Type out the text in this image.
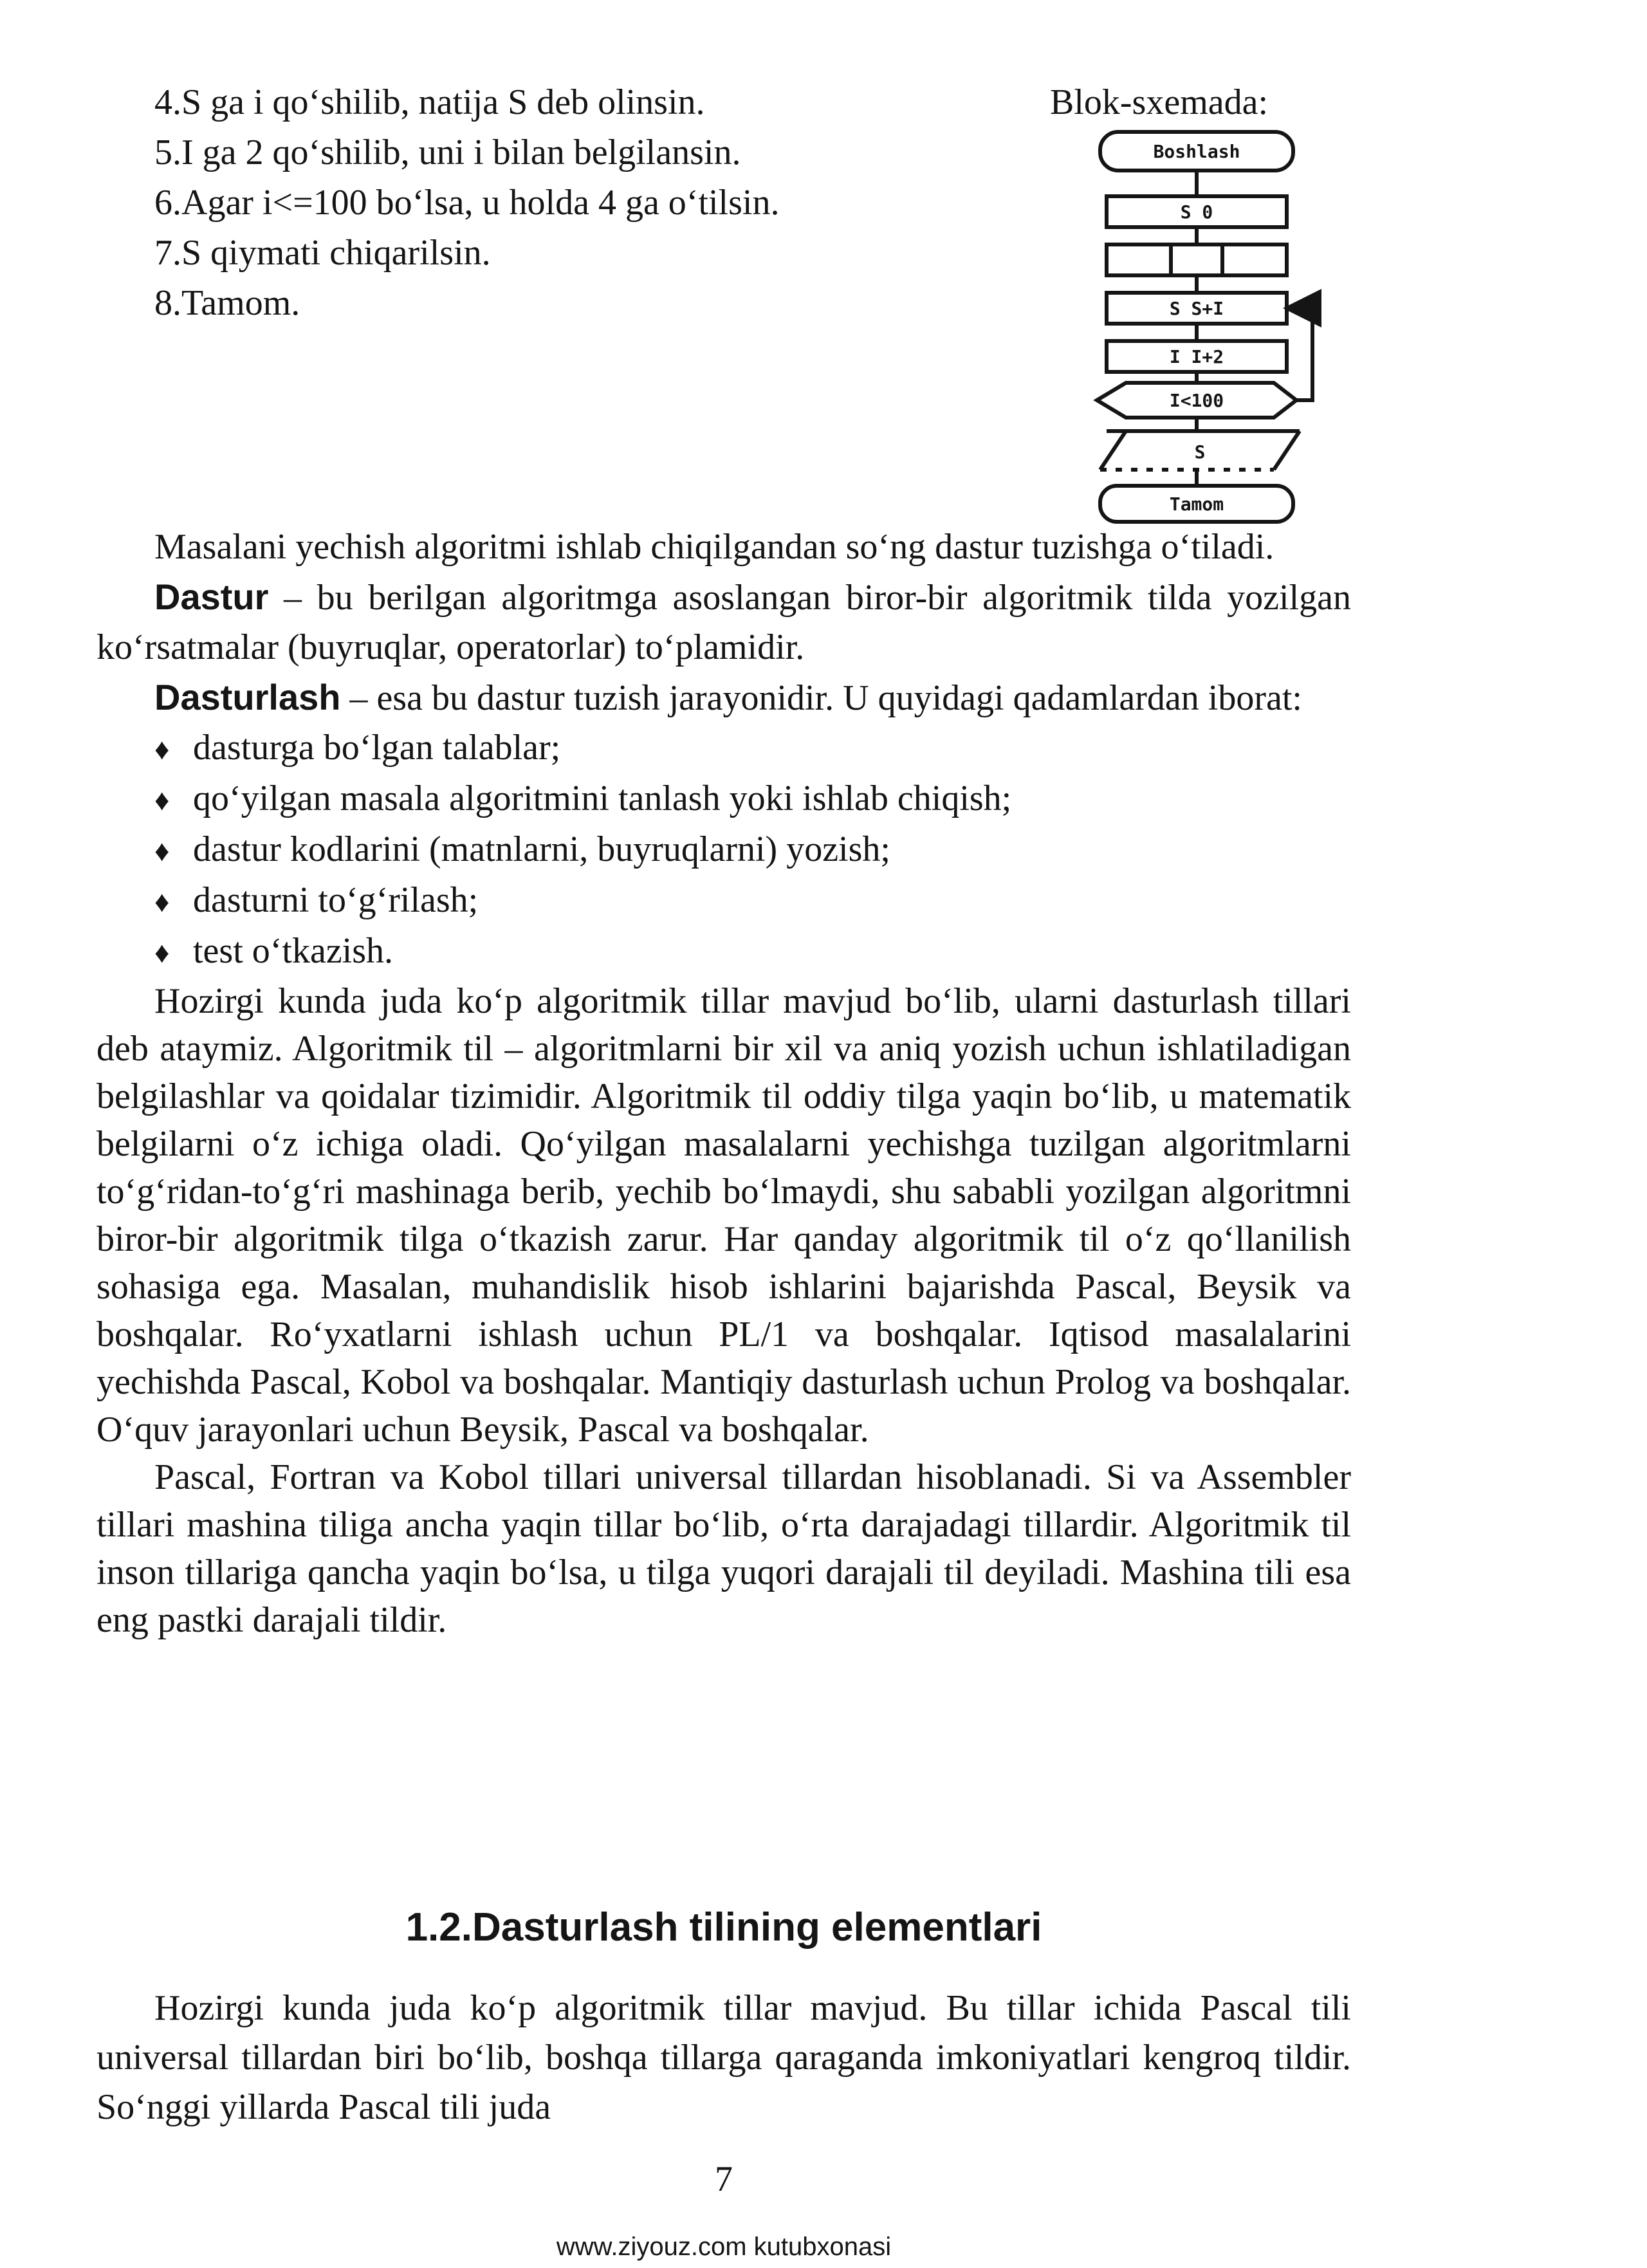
4.S ga i qo‘shilib, natija S deb olinsin.
5.I ga 2 qo‘shilib, uni i bilan belgilansin.
6.Agar i<=100 bo‘lsa, u holda 4 ga o‘tilsin.
7.S qiymati chiqarilsin.
8.Tamom.
Blok-sxemada:
Boshlash
S 0
S S+I
I I+2
I<100
S
Tamom

Masalani yechish algoritmi ishlab chiqilgandan so‘ng dastur tuzishga o‘tiladi.

Dastur – bu berilgan algoritmga asoslangan biror-bir algoritmik tilda yozilgan ko‘rsatmalar (buyruqlar, operatorlar) to‘plamidir.

Dasturlash – esa bu dastur tuzish jarayonidir. U quyidagi qadamlardan iborat:

♦ dasturga bo‘lgan talablar;
♦ qo‘yilgan masala algoritmini tanlash yoki ishlab chiqish;
♦ dastur kodlarini (matnlarni, buyruqlarni) yozish;
♦ dasturni to‘g‘rilash;
♦ test o‘tkazish.

Hozirgi kunda juda ko‘p algoritmik tillar mavjud bo‘lib, ularni dasturlash tillari deb ataymiz. Algoritmik til – algoritmlarni bir xil va aniq yozish uchun ishlatiladigan belgilashlar va qoidalar tizimidir. Algoritmik til oddiy tilga yaqin bo‘lib, u matematik belgilarni o‘z ichiga oladi. Qo‘yilgan masalalarni yechishga tuzilgan algoritmlarni to‘g‘ridan-to‘g‘ri mashinaga berib, yechib bo‘lmaydi, shu sababli yozilgan algoritmni biror-bir algoritmik tilga o‘tkazish zarur. Har qanday algoritmik til o‘z qo‘llanilish sohasiga ega. Masalan, muhandislik hisob ishlarini bajarishda Pascal, Beysik va boshqalar. Ro‘yxatlarni ishlash uchun PL/1 va boshqalar. Iqtisod masalalarini yechishda Pascal, Kobol va boshqalar. Mantiqiy dasturlash uchun Prolog va boshqalar. O‘quv jarayonlari uchun Beysik, Pascal va boshqalar.

Pascal, Fortran va Kobol tillari universal tillardan hisoblanadi. Si va Assembler tillari mashina tiliga ancha yaqin tillar bo‘lib, o‘rta darajadagi tillardir. Algoritmik til inson tillariga qancha yaqin bo‘lsa, u tilga yuqori darajali til deyiladi. Mashina tili esa eng pastki darajali tildir.

1.2.Dasturlash tilining elementlari

Hozirgi kunda juda ko‘p algoritmik tillar mavjud. Bu tillar ichida Pascal tili universal tillardan biri bo‘lib, boshqa tillarga qaraganda imkoniyatlari kengroq tildir. So‘nggi yillarda Pascal tili juda

7
www.ziyouz.com kutubxonasi
